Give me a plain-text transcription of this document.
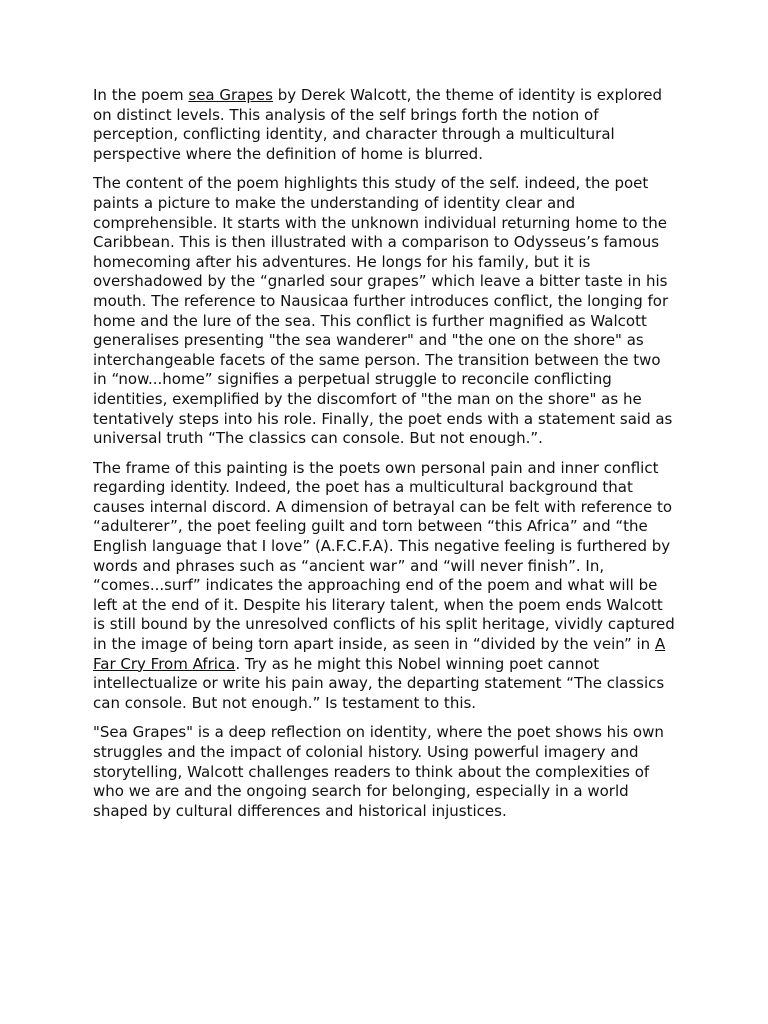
In the poem sea Grapes by Derek Walcott, the theme of identity is explored on distinct levels. This analysis of the self brings forth the notion of perception, conflicting identity, and character through a multicultural perspective where the definition of home is blurred.

The content of the poem highlights this study of the self. indeed, the poet paints a picture to make the understanding of identity clear and comprehensible. It starts with the unknown individual returning home to the Caribbean. This is then illustrated with a comparison to Odysseus’s famous homecoming after his adventures. He longs for his family, but it is overshadowed by the “gnarled sour grapes” which leave a bitter taste in his mouth. The reference to Nausicaa further introduces conflict, the longing for home and the lure of the sea. This conflict is further magnified as Walcott generalises presenting "the sea wanderer" and "the one on the shore" as interchangeable facets of the same person. The transition between the two in “now...home” signifies a perpetual struggle to reconcile conflicting identities, exemplified by the discomfort of "the man on the shore" as he tentatively steps into his role. Finally, the poet ends with a statement said as universal truth “The classics can console. But not enough.”.

The frame of this painting is the poets own personal pain and inner conflict regarding identity. Indeed, the poet has a multicultural background that causes internal discord. A dimension of betrayal can be felt with reference to “adulterer”, the poet feeling guilt and torn between “this Africa” and “the English language that I love” (A.F.C.F.A). This negative feeling is furthered by words and phrases such as “ancient war” and “will never finish”. In, “comes...surf” indicates the approaching end of the poem and what will be left at the end of it. Despite his literary talent, when the poem ends Walcott is still bound by the unresolved conflicts of his split heritage, vividly captured in the image of being torn apart inside, as seen in “divided by the vein” in A Far Cry From Africa. Try as he might this Nobel winning poet cannot intellectualize or write his pain away, the departing statement “The classics can console. But not enough.” Is testament to this.

"Sea Grapes" is a deep reflection on identity, where the poet shows his own struggles and the impact of colonial history. Using powerful imagery and storytelling, Walcott challenges readers to think about the complexities of who we are and the ongoing search for belonging, especially in a world shaped by cultural differences and historical injustices.
